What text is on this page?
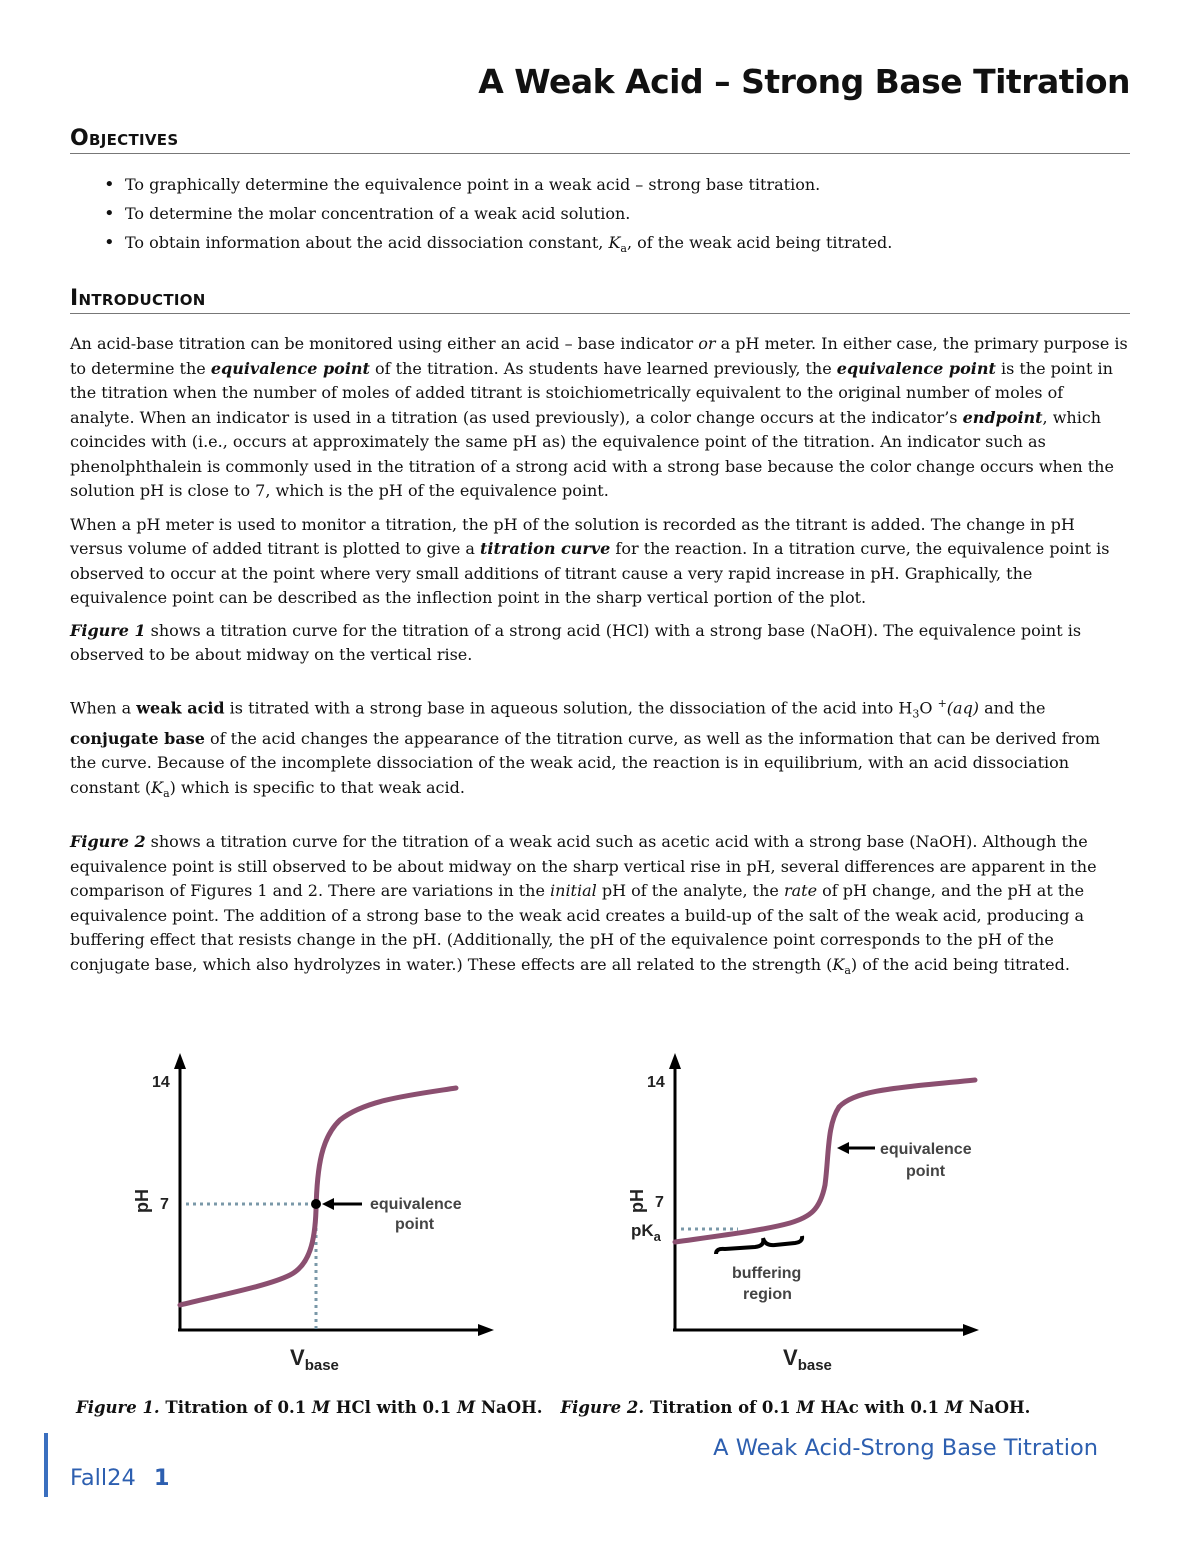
A Weak Acid – Strong Base Titration
Objectives
• To graphically determine the equivalence point in a weak acid – strong base titration.
• To determine the molar concentration of a weak acid solution.
• To obtain information about the acid dissociation constant, $K_a$, of the weak acid being titrated.
Introduction

An acid-base titration can be monitored using either an acid – base indicator or a pH meter. In either case, the primary purpose is to determine the equivalence point of the titration. As students have learned previously, the equivalence point is the point in the titration when the number of moles of added titrant is stoichiometrically equivalent to the original number of moles of analyte. When an indicator is used in a titration (as used previously), a color change occurs at the indicator’s endpoint, which coincides with (i.e., occurs at approximately the same pH as) the equivalence point of the titration. An indicator such as phenolphthalein is commonly used in the titration of a strong acid with a strong base because the color change occurs when the solution pH is close to 7, which is the pH of the equivalence point.

When a pH meter is used to monitor a titration, the pH of the solution is recorded as the titrant is added. The change in pH versus volume of added titrant is plotted to give a titration curve for the reaction. In a titration curve, the equivalence point is observed to occur at the point where very small additions of titrant cause a very rapid increase in pH. Graphically, the equivalence point can be described as the inflection point in the sharp vertical portion of the plot.

Figure 1 shows a titration curve for the titration of a strong acid (HCl) with a strong base (NaOH). The equivalence point is observed to be about midway on the vertical rise.

When a weak acid is titrated with a strong base in aqueous solution, the dissociation of the acid into $H_3O$ +(aq) and the conjugate base of the acid changes the appearance of the titration curve, as well as the information that can be derived from the curve. Because of the incomplete dissociation of the weak acid, the reaction is in equilibrium, with an acid dissociation constant $(K_a)$ which is specific to that weak acid.

Figure 2 shows a titration curve for the titration of a weak acid such as acetic acid with a strong base (NaOH). Although the equivalence point is still observed to be about midway on the sharp vertical rise in pH, several differences are apparent in the comparison of Figures 1 and 2. There are variations in the initial pH of the analyte, the rate of pH change, and the pH at the equivalence point. The addition of a strong base to the weak acid creates a build-up of the salt of the weak acid, producing a buffering effect that resists change in the pH. (Additionally, the pH of the equivalence point corresponds to the pH of the conjugate base, which also hydrolyzes in water.) These effects are all related to the strength $(K_a)$ of the acid being titrated.

equivalence
point
14
7
pH
$V_{base}$
equivalence
point
buffering
region
14
7
$pK_a$
pH
$V_{base}$
Figure 1. Titration of 0.1 M HCl with 0.1 M NaOH. Figure 2. Titration of 0.1 M HAc with 0.1 M NaOH.
A Weak Acid-Strong Base Titration
Fall24 1
